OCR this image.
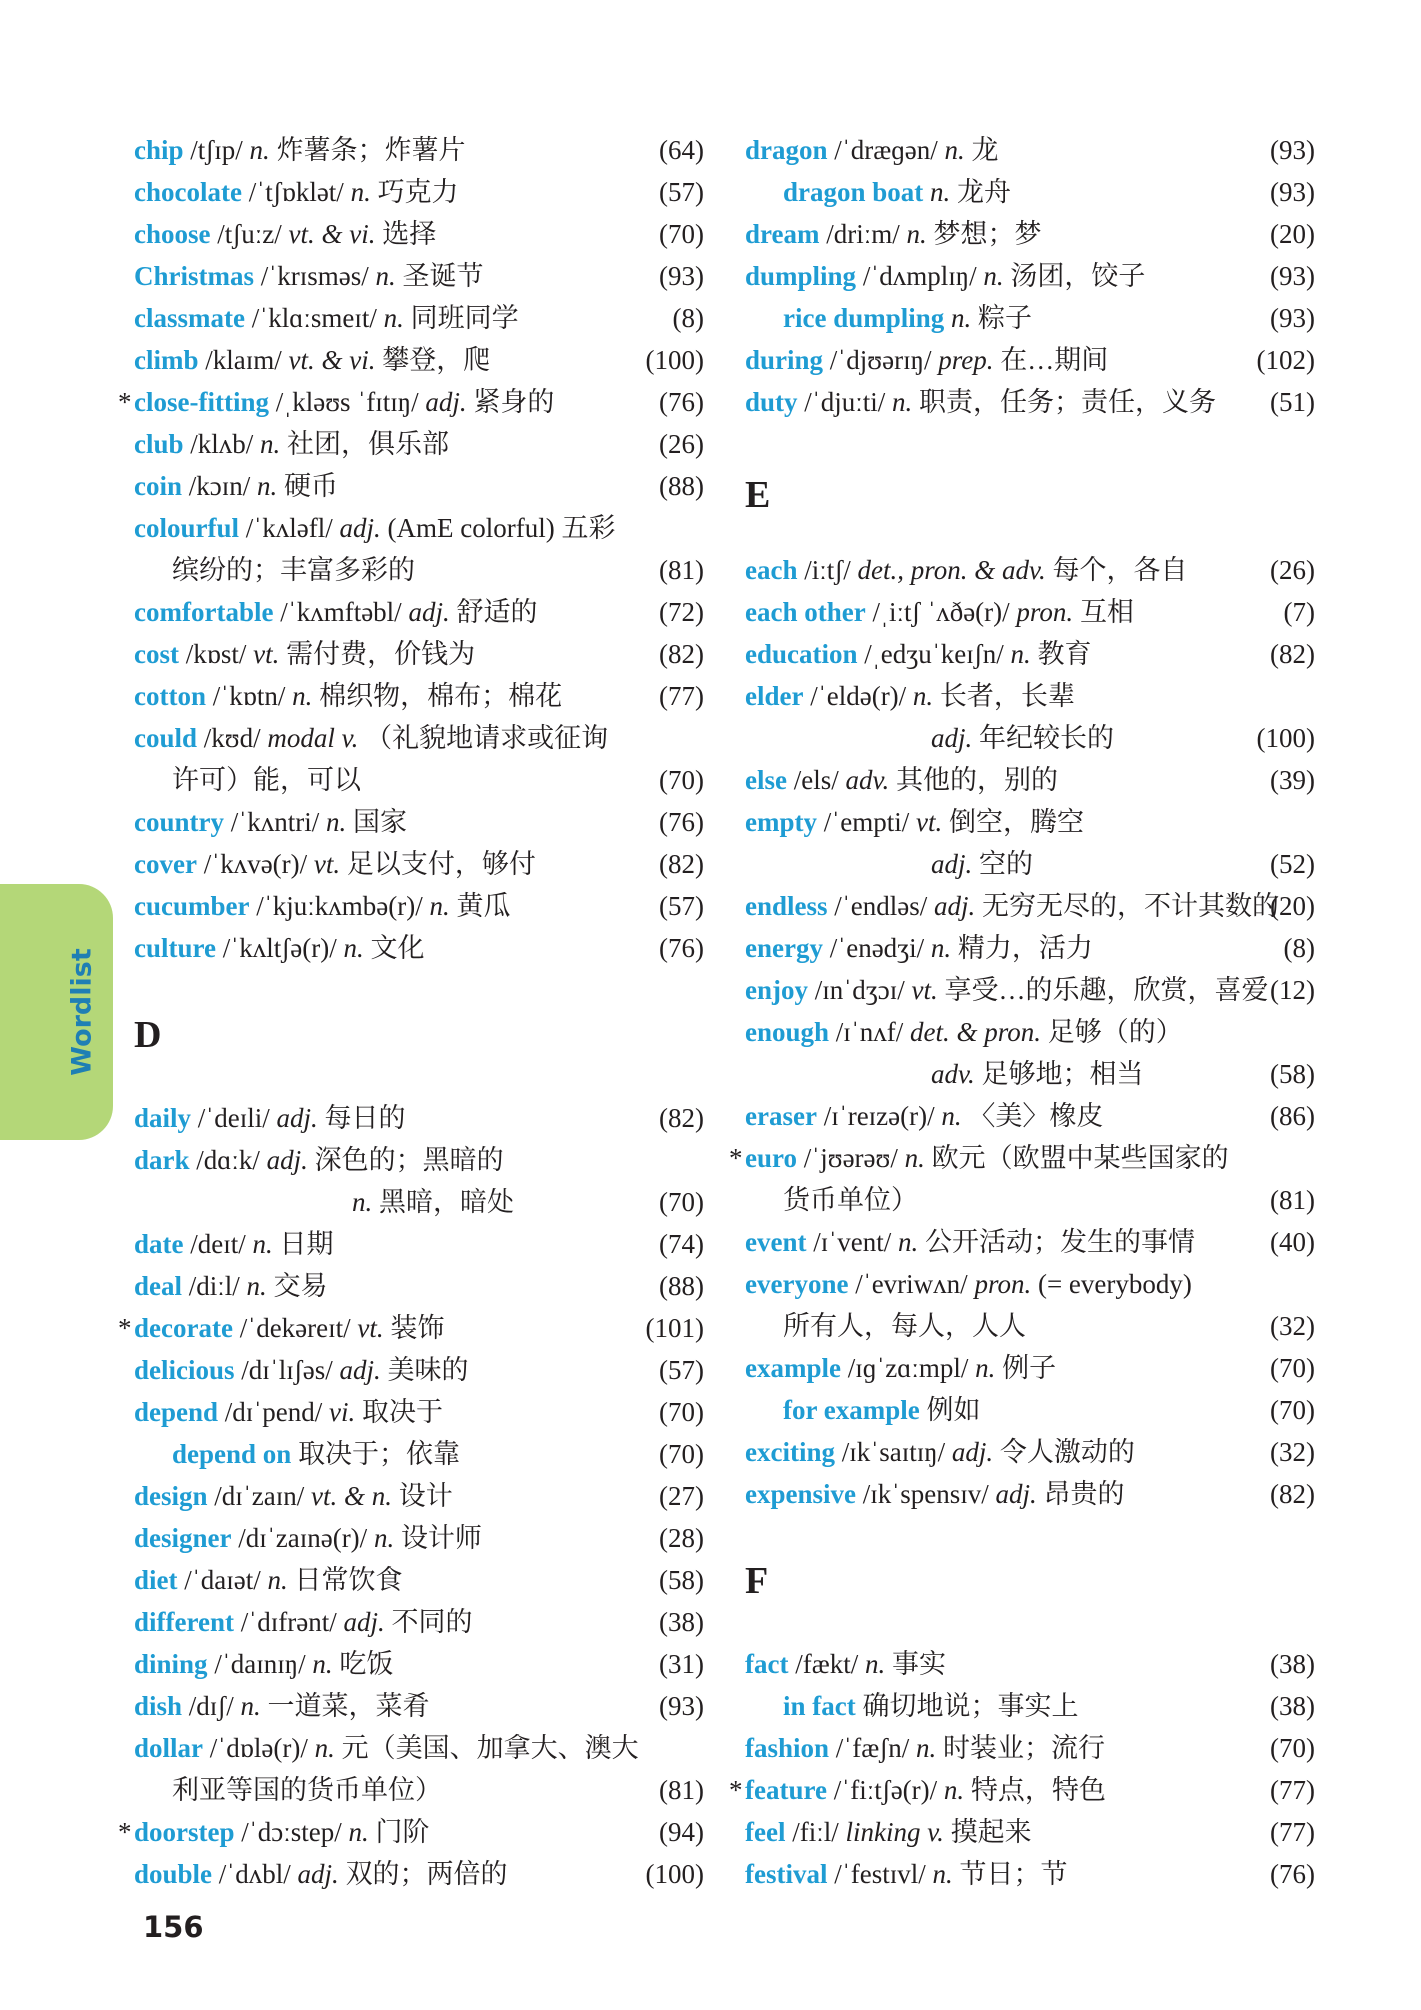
Wordlist
chip /tʃɪp/ n. 炸薯条；炸薯片	(64)
chocolate /ˈtʃɒklət/ n. 巧克力	(57)
choose /tʃuːz/ vt. & vi. 选择	(70)
Christmas /ˈkrɪsməs/ n. 圣诞节	(93)
classmate /ˈklɑːsmeɪt/ n. 同班同学	(8)
climb /klaɪm/ vt. & vi. 攀登，爬	(100)
* close-fitting /ˌkləʊs ˈfɪtɪŋ/ adj. 紧身的	(76)
club /klʌb/ n. 社团，俱乐部	(26)
coin /kɔɪn/ n. 硬币	(88)
colourful /ˈkʌləfl/ adj. (AmE colorful) 五彩
缤纷的；丰富多彩的	(81)
comfortable /ˈkʌmftəbl/ adj. 舒适的	(72)
cost /kɒst/ vt. 需付费，价钱为	(82)
cotton /ˈkɒtn/ n. 棉织物，棉布；棉花	(77)
could /kʊd/ modal v. （礼貌地请求或征询
许可）能，可以	(70)
country /ˈkʌntri/ n. 国家	(76)
cover /ˈkʌvə(r)/ vt. 足以支付，够付	(82)
cucumber /ˈkjuːkʌmbə(r)/ n. 黄瓜	(57)
culture /ˈkʌltʃə(r)/ n. 文化	(76)
D
daily /ˈdeɪli/ adj. 每日的	(82)
dark /dɑːk/ adj. 深色的；黑暗的
n. 黑暗，暗处	(70)
date /deɪt/ n. 日期	(74)
deal /diːl/ n. 交易	(88)
* decorate /ˈdekəreɪt/ vt. 装饰	(101)
delicious /dɪˈlɪʃəs/ adj. 美味的	(57)
depend /dɪˈpend/ vi. 取决于	(70)
depend on 取决于；依靠	(70)
design /dɪˈzaɪn/ vt. & n. 设计	(27)
designer /dɪˈzaɪnə(r)/ n. 设计师	(28)
diet /ˈdaɪət/ n. 日常饮食	(58)
different /ˈdɪfrənt/ adj. 不同的	(38)
dining /ˈdaɪnɪŋ/ n. 吃饭	(31)
dish /dɪʃ/ n. 一道菜，菜肴	(93)
dollar /ˈdɒlə(r)/ n. 元（美国、加拿大、澳大
利亚等国的货币单位）	(81)
* doorstep /ˈdɔːstep/ n. 门阶	(94)
double /ˈdʌbl/ adj. 双的；两倍的	(100)
dragon /ˈdræɡən/ n. 龙	(93)
dragon boat n. 龙舟	(93)
dream /driːm/ n. 梦想；梦	(20)
dumpling /ˈdʌmplɪŋ/ n. 汤团，饺子	(93)
rice dumpling n. 粽子	(93)
during /ˈdjʊərɪŋ/ prep. 在…期间	(102)
duty /ˈdjuːti/ n. 职责，任务；责任，义务 (51)
E
each /iːtʃ/ det., pron. & adv. 每个，各自	(26)
each other /ˌiːtʃ ˈʌðə(r)/ pron. 互相	(7)
education /ˌedʒuˈkeɪʃn/ n. 教育	(82)
elder /ˈeldə(r)/ n. 长者，长辈
adj. 年纪较长的	(100)
else /els/ adv. 其他的，别的	(39)
empty /ˈempti/ vt. 倒空，腾空
adj. 空的	(52)
endless /ˈendləs/ adj. 无穷无尽的，不计其数的
(20)
energy /ˈenədʒi/ n. 精力，活力	(8)
enjoy /ɪnˈdʒɔɪ/ vt. 享受…的乐趣，欣赏，喜爱 (12)
enough /ɪˈnʌf/ det. & pron. 足够（的）
adv. 足够地；相当	(58)
eraser /ɪˈreɪzə(r)/ n. 〈美〉橡皮	(86)
* euro /ˈjʊərəʊ/ n. 欧元（欧盟中某些国家的
货币单位）	(81)
event /ɪˈvent/ n. 公开活动；发生的事情	(40)
everyone /ˈevriwʌn/ pron. (= everybody)
所有人，每人，人人	(32)
example /ɪɡˈzɑːmpl/ n. 例子	(70)
for example 例如	(70)
exciting /ɪkˈsaɪtɪŋ/ adj. 令人激动的	(32)
expensive /ɪkˈspensɪv/ adj. 昂贵的	(82)
F
fact /fækt/ n. 事实	(38)
in fact 确切地说；事实上	(38)
fashion /ˈfæʃn/ n. 时装业；流行	(70)
* feature /ˈfiːtʃə(r)/ n. 特点，特色	(77)
feel /fiːl/ linking v. 摸起来	(77)
festival /ˈfestɪvl/ n. 节日；节	(76)
156
